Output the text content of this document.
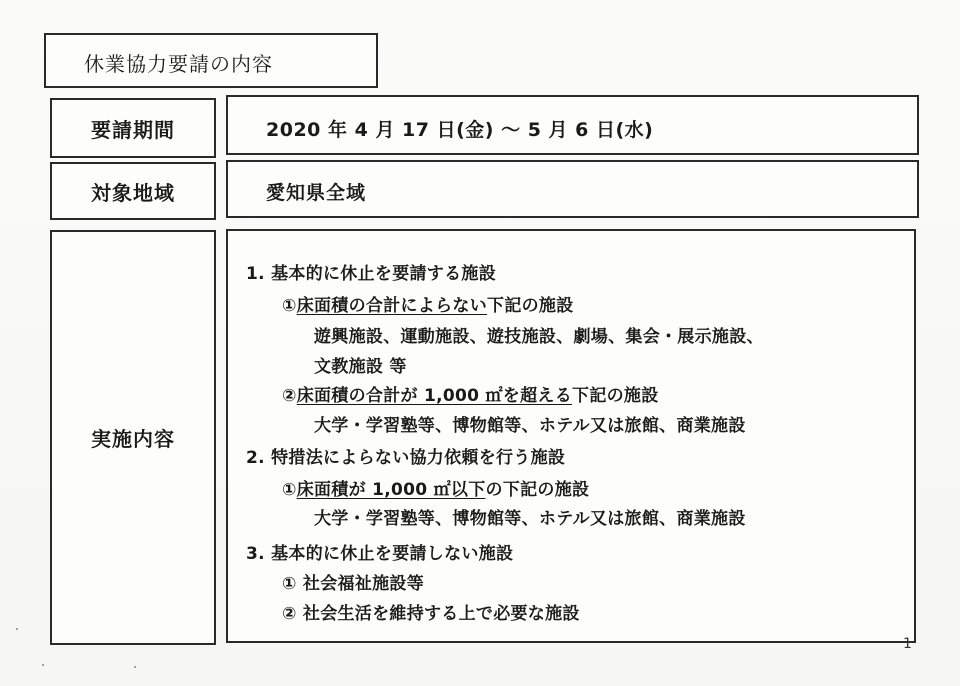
休業協力要請の内容
要請期間	2020 年 4 月 17 日(金) ～ 5 月 6 日(水)
対象地域	愛知県全域
実施内容
1. 基本的に休止を要請する施設
①床面積の合計によらない下記の施設
遊興施設、運動施設、遊技施設、劇場、集会・展示施設、
文教施設 等
②床面積の合計が 1,000 ㎡を超える下記の施設
大学・学習塾等、博物館等、ホテル又は旅館、商業施設
2. 特措法によらない協力依頼を行う施設
①床面積が 1,000 ㎡以下の下記の施設
大学・学習塾等、博物館等、ホテル又は旅館、商業施設
3. 基本的に休止を要請しない施設
① 社会福祉施設等
② 社会生活を維持する上で必要な施設
1
